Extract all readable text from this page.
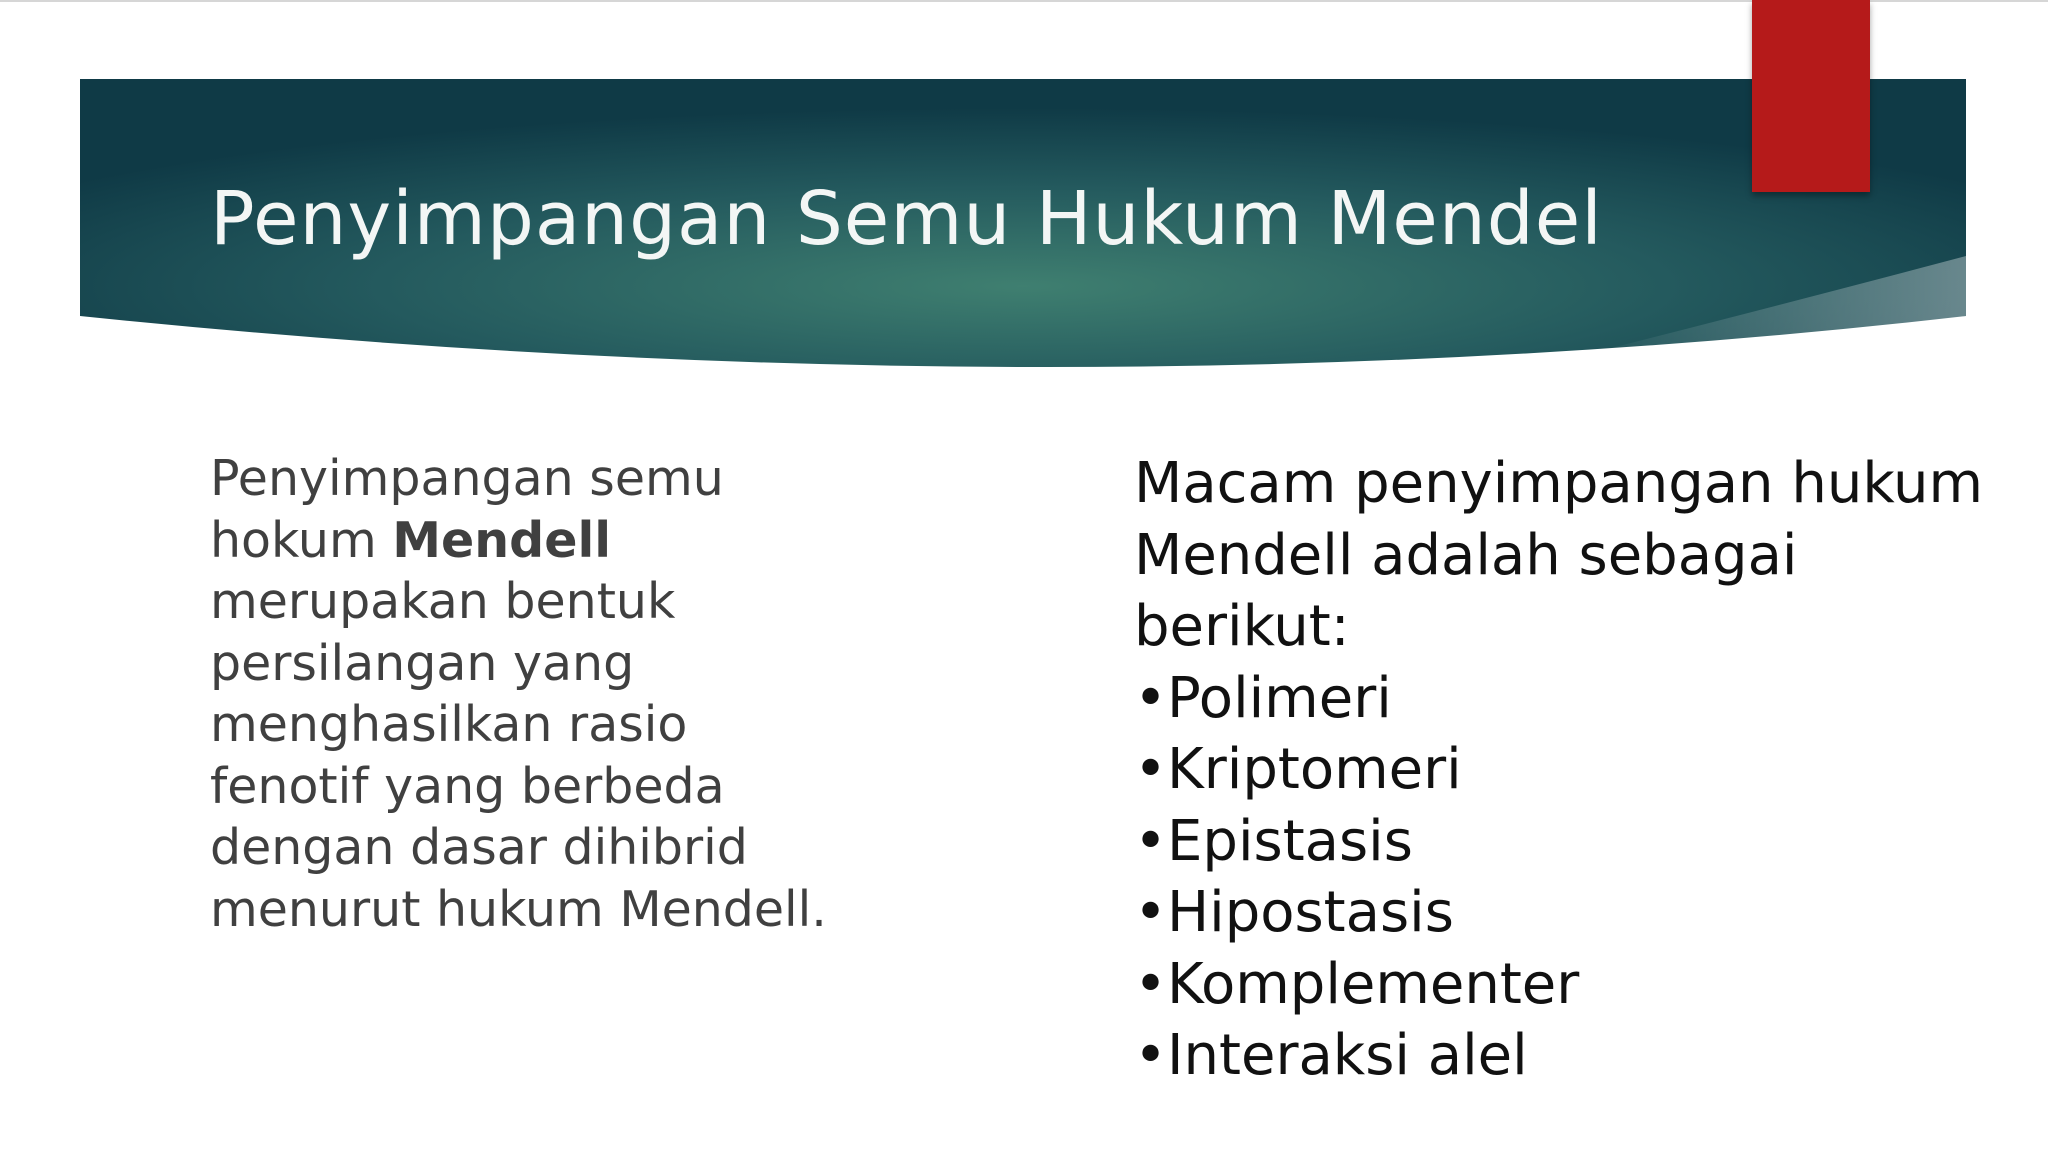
Penyimpangan Semu Hukum Mendel

Penyimpangan semu hokum Mendell merupakan bentuk persilangan yang menghasilkan rasio fenotif yang berbeda dengan dasar dihibrid menurut hukum Mendell.

Macam penyimpangan hukum Mendell adalah sebagai berikut:

•Polimeri
•Kriptomeri
•Epistasis
•Hipostasis
•Komplementer
•Interaksi alel
